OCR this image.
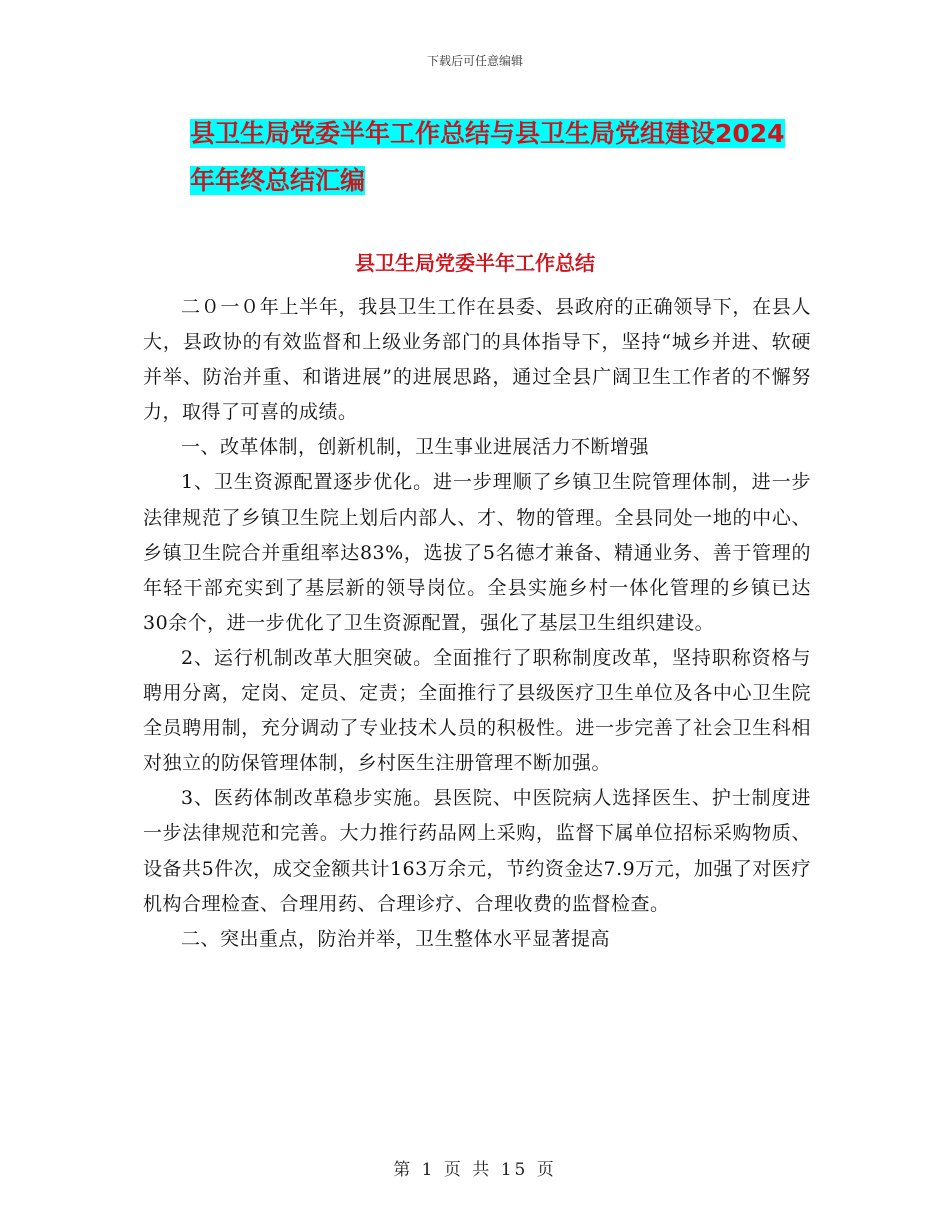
下载后可任意编辑
县卫生局党委半年工作总结与县卫生局党组建设2024
年年终总结汇编
县卫生局党委半年工作总结

二０一０年上半年，我县卫生工作在县委、县政府的正确领导下，在县人大，县政协的有效监督和上级业务部门的具体指导下，坚持“城乡并进、软硬并举、防治并重、和谐进展”的进展思路，通过全县广阔卫生工作者的不懈努力，取得了可喜的成绩。

一、改革体制，创新机制，卫生事业进展活力不断增强

1、卫生资源配置逐步优化。进一步理顺了乡镇卫生院管理体制，进一步法律规范了乡镇卫生院上划后内部人、才、物的管理。全县同处一地的中心、乡镇卫生院合并重组率达83%，选拔了5名德才兼备、精通业务、善于管理的年轻干部充实到了基层新的领导岗位。全县实施乡村一体化管理的乡镇已达30余个，进一步优化了卫生资源配置，强化了基层卫生组织建设。

2、运行机制改革大胆突破。全面推行了职称制度改革，坚持职称资格与聘用分离，定岗、定员、定责；全面推行了县级医疗卫生单位及各中心卫生院全员聘用制，充分调动了专业技术人员的积极性。进一步完善了社会卫生科相对独立的防保管理体制，乡村医生注册管理不断加强。

3、医药体制改革稳步实施。县医院、中医院病人选择医生、护士制度进一步法律规范和完善。大力推行药品网上采购，监督下属单位招标采购物质、设备共5件次，成交金额共计163万余元，节约资金达7.9万元，加强了对医疗机构合理检查、合理用药、合理诊疗、合理收费的监督检查。

二、突出重点，防治并举，卫生整体水平显著提高

第 1 页 共 15 页
